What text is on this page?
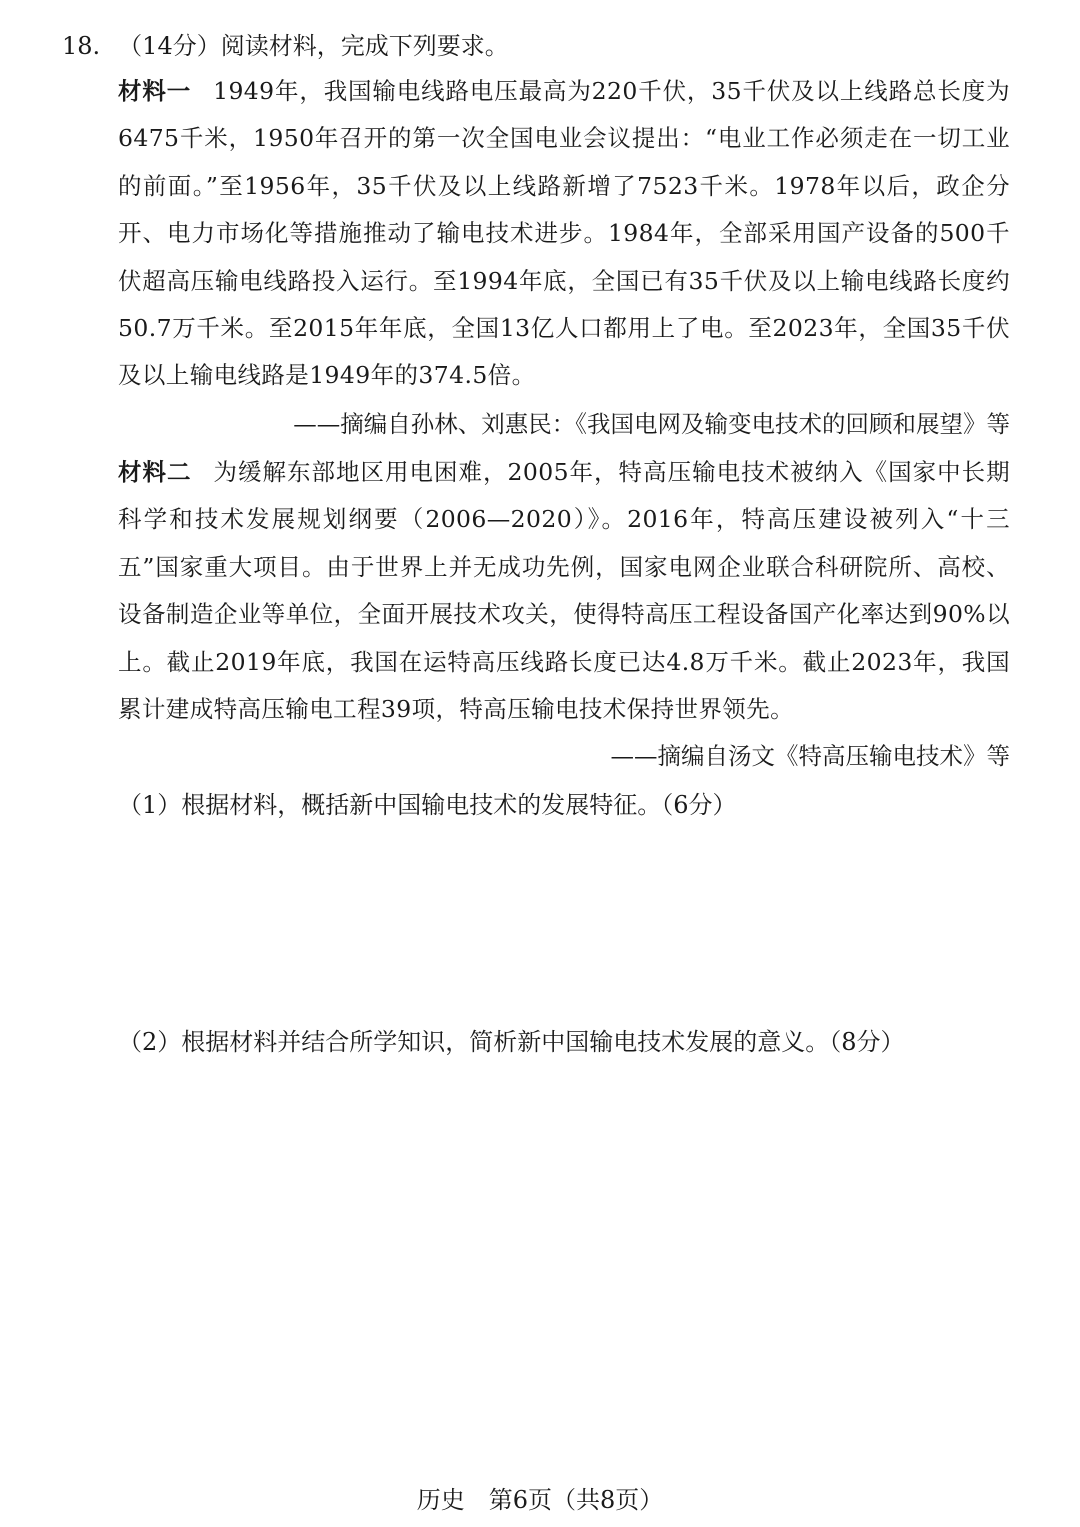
18. （14分）阅读材料，完成下列要求。
材料一 1949年，我国输电线路电压最高为220千伏，35千伏及以上线路总长度为6475千米，1950年召开的第一次全国电业会议提出：“电业工作必须走在一切工业的前面。”至1956年，35千伏及以上线路新增了7523千米。1978年以后，政企分开、电力市场化等措施推动了输电技术进步。1984年，全部采用国产设备的500千伏超高压输电线路投入运行。至1994年底，全国已有35千伏及以上输电线路长度约50.7万千米。至2015年年底，全国13亿人口都用上了电。至2023年，全国35千伏及以上输电线路是1949年的374.5倍。
——摘编自孙林、刘惠民：《我国电网及输变电技术的回顾和展望》等
材料二 为缓解东部地区用电困难，2005年，特高压输电技术被纳入《国家中长期科学和技术发展规划纲要（2006—2020）》。2016年，特高压建设被列入“十三五”国家重大项目。由于世界上并无成功先例，国家电网企业联合科研院所、高校、设备制造企业等单位，全面开展技术攻关，使得特高压工程设备国产化率达到90%以上。截止2019年底，我国在运特高压线路长度已达4.8万千米。截止2023年，我国累计建成特高压输电工程39项，特高压输电技术保持世界领先。
——摘编自汤文《特高压输电技术》等
（1）根据材料，概括新中国输电技术的发展特征。（6分）
（2）根据材料并结合所学知识，简析新中国输电技术发展的意义。（8分）
历史　第6页（共8页）
